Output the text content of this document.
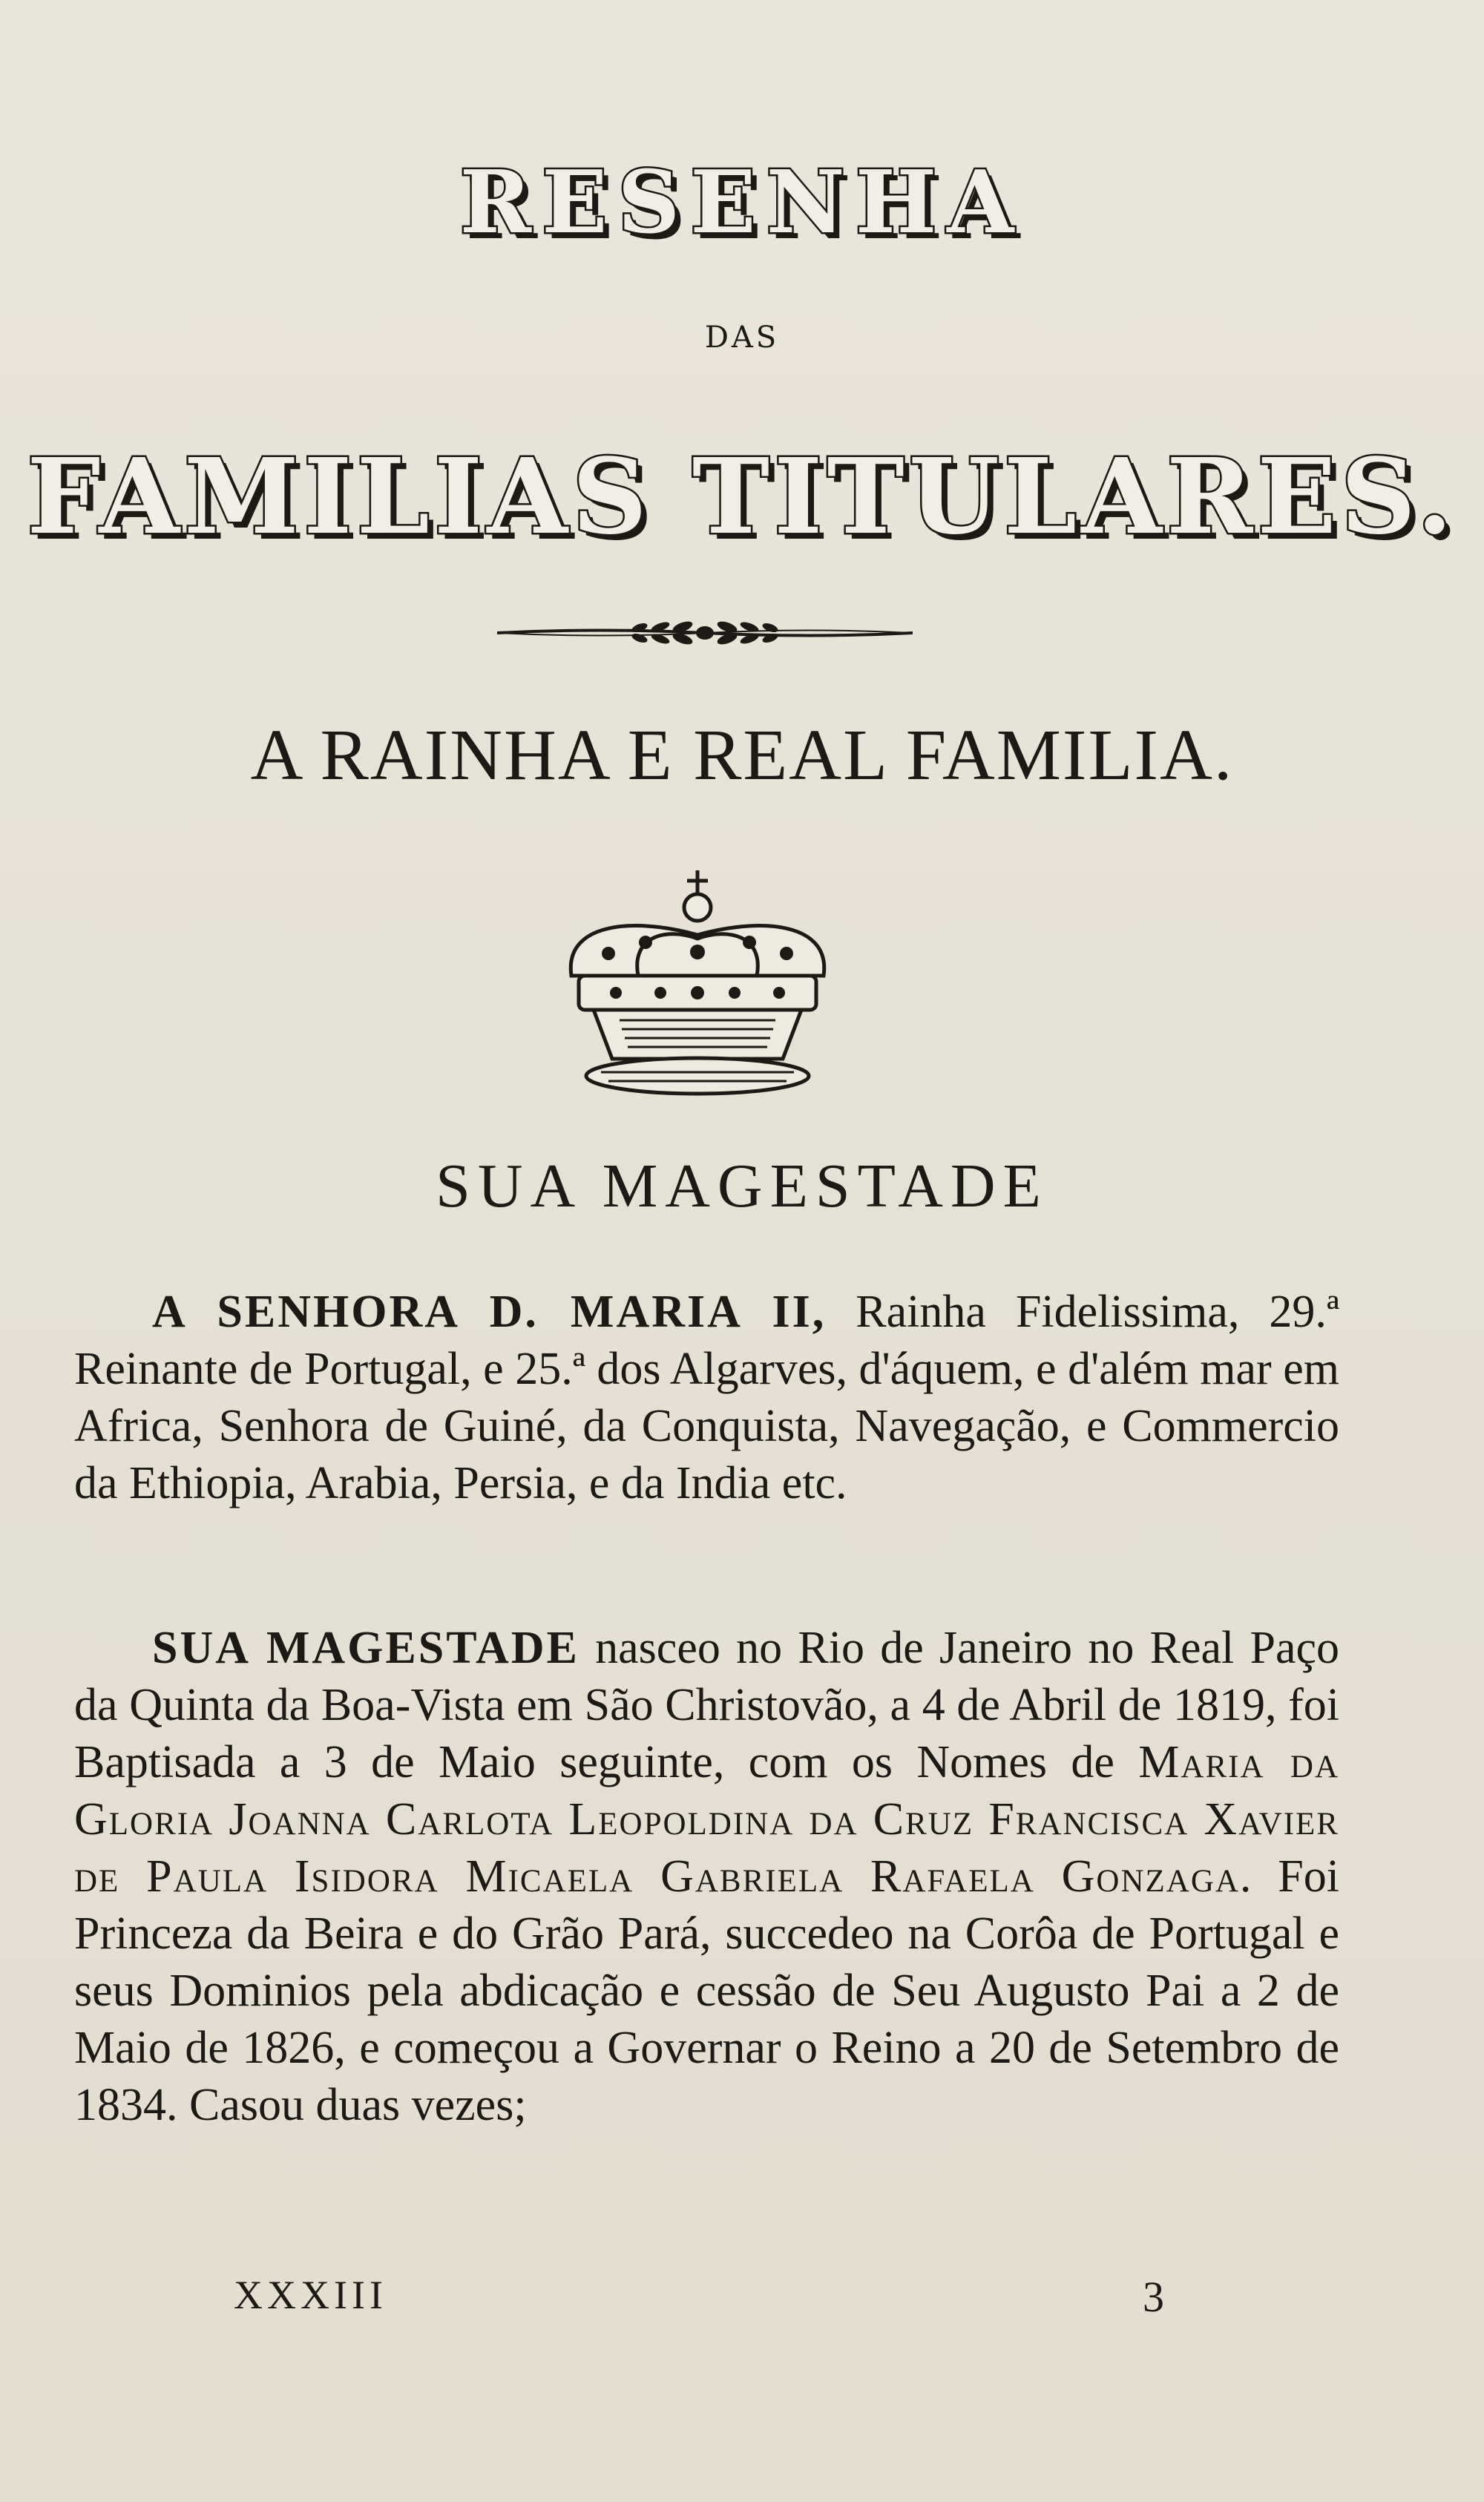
RESENHA
DAS
FAMILIAS TITULARES.
A RAINHA E REAL FAMILIA.
SUA MAGESTADE
A SENHORA D. MARIA II, Rainha Fidelissima, 29.ª Reinante de Portugal, e 25.ª dos Algarves, d'áquem, e d'além mar em Africa, Senhora de Guiné, da Conquista, Navegação, e Commercio da Ethiopia, Arabia, Persia, e da India etc.
SUA MAGESTADE nasceo no Rio de Janeiro no Real Paço da Quinta da Boa-Vista em São Christovão, a 4 de Abril de 1819, foi Baptisada a 3 de Maio seguinte, com os Nomes de Maria da Gloria Joanna Carlota Leopoldina da Cruz Francisca Xavier de Paula Isidora Micaela Gabriela Rafaela Gonzaga. Foi Princeza da Beira e do Grão Pará, succedeo na Corôa de Portugal e seus Dominios pela abdicação e cessão de Seu Augusto Pai a 2 de Maio de 1826, e começou a Governar o Reino a 20 de Setembro de 1834. Casou duas vezes;
XXXIII	3
